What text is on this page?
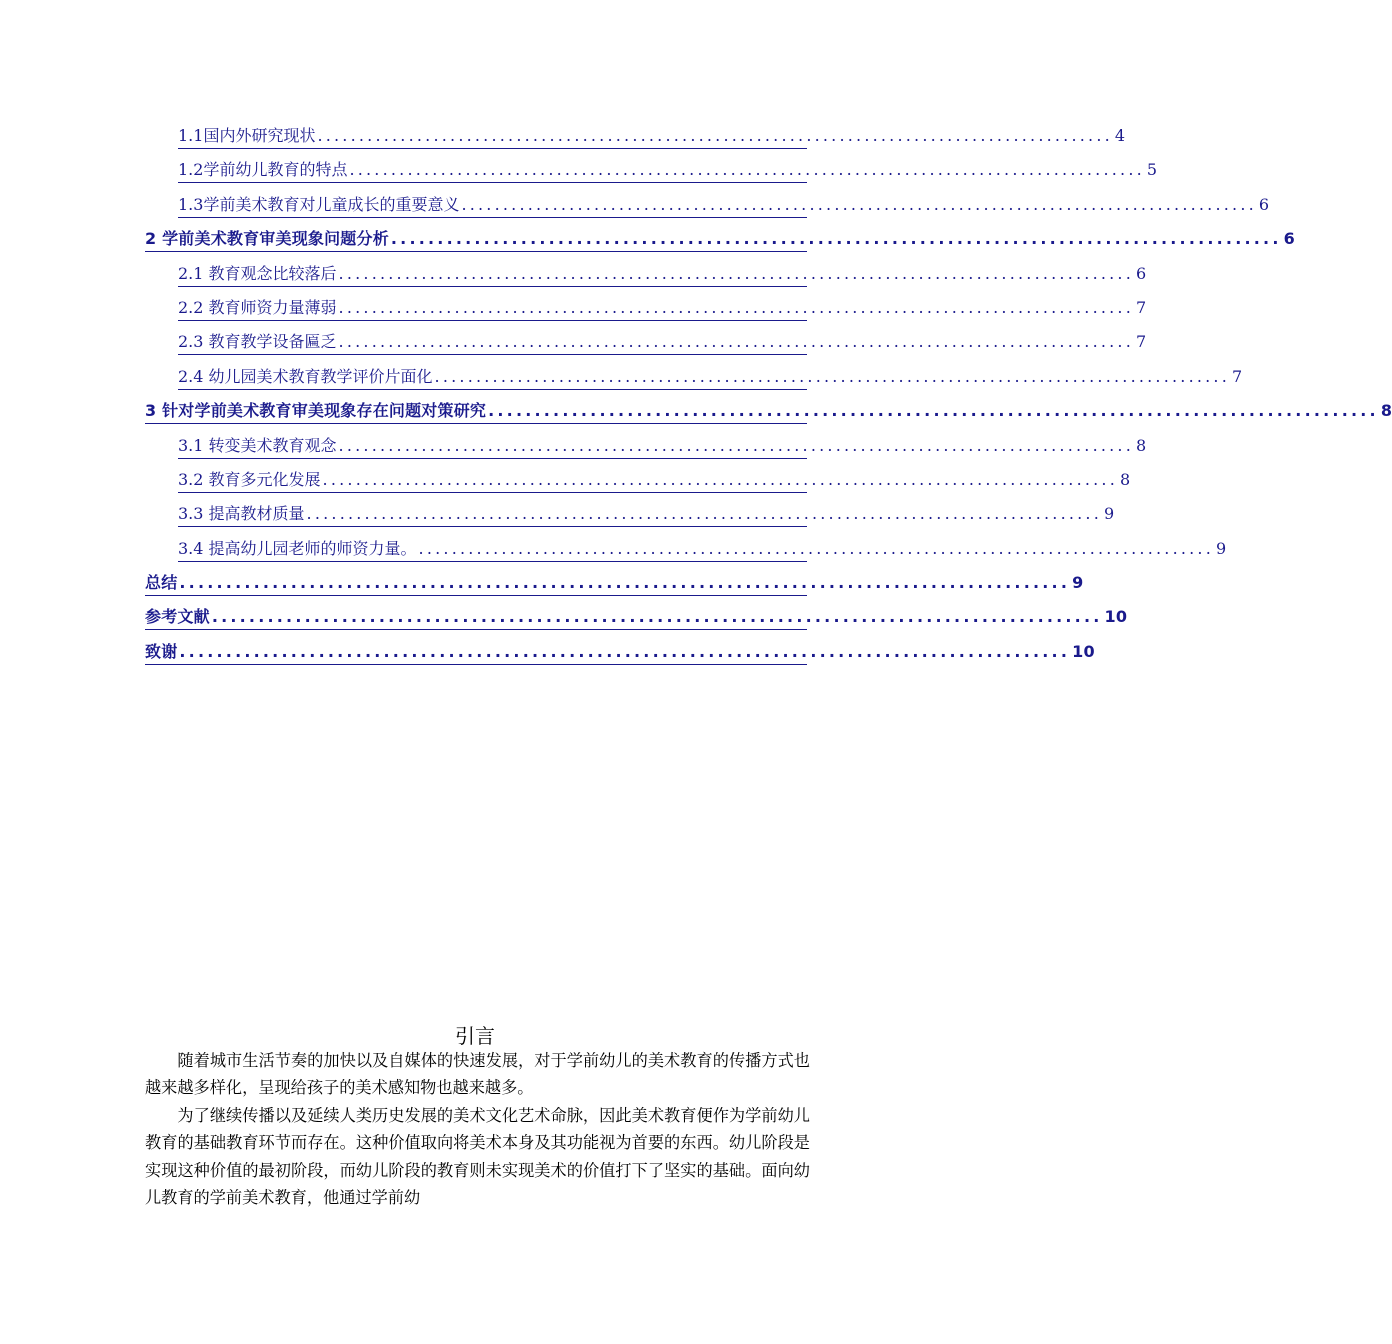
1.1国内外研究现状 ................................................................................................ 4
1.2学前幼儿教育的特点 ................................................................................................ 5
1.3学前美术教育对儿童成长的重要意义 ................................................................................................ 6
2 学前美术教育审美现象问题分析 ................................................................................................ 6
2.1 教育观念比较落后 ................................................................................................ 6
2.2 教育师资力量薄弱 ................................................................................................ 7
2.3 教育教学设备匾乏 ................................................................................................ 7
2.4 幼儿园美术教育教学评价片面化 ................................................................................................ 7
3 针对学前美术教育审美现象存在问题对策研究 ................................................................................................ 8
3.1 转变美术教育观念 ................................................................................................ 8
3.2 教育多元化发展 ................................................................................................ 8
3.3 提高教材质量 ................................................................................................ 9
3.4 提高幼儿园老师的师资力量。 ................................................................................................ 9
总结 ................................................................................................ 9
参考文献 ................................................................................................ 10
致谢 ................................................................................................ 10
引言

随着城市生活节奏的加快以及自媒体的快速发展，对于学前幼儿的美术教育的传播方式也越来越多样化，呈现给孩子的美术感知物也越来越多。

为了继续传播以及延续人类历史发展的美术文化艺术命脉，因此美术教育便作为学前幼儿教育的基础教育环节而存在。这种价值取向将美术本身及其功能视为首要的东西。幼儿阶段是实现这种价值的最初阶段，而幼儿阶段的教育则未实现美术的价值打下了坚实的基础。面向幼儿教育的学前美术教育，他通过学前幼
